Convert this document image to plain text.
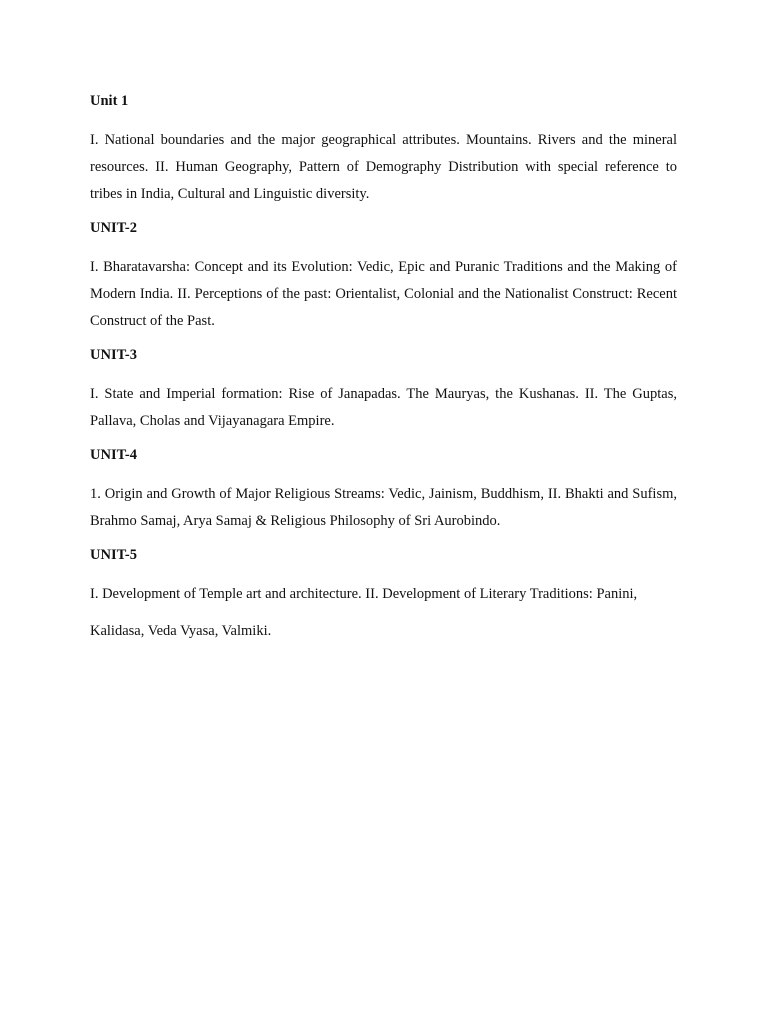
Unit 1

I. National boundaries and the major geographical attributes. Mountains. Rivers and the mineral resources. II. Human Geography, Pattern of Demography Distribution with special reference to tribes in India, Cultural and Linguistic diversity.

UNIT-2

I. Bharatavarsha: Concept and its Evolution: Vedic, Epic and Puranic Traditions and the Making of Modern India. II. Perceptions of the past: Orientalist, Colonial and the Nationalist Construct: Recent Construct of the Past.

UNIT-3

I. State and Imperial formation: Rise of Janapadas. The Mauryas, the Kushanas. II. The Guptas, Pallava, Cholas and Vijayanagara Empire.

UNIT-4

1. Origin and Growth of Major Religious Streams: Vedic, Jainism, Buddhism, II. Bhakti and Sufism, Brahmo Samaj, Arya Samaj & Religious Philosophy of Sri Aurobindo.

UNIT-5

I. Development of Temple art and architecture. II. Development of Literary Traditions: Panini,

Kalidasa, Veda Vyasa, Valmiki.
